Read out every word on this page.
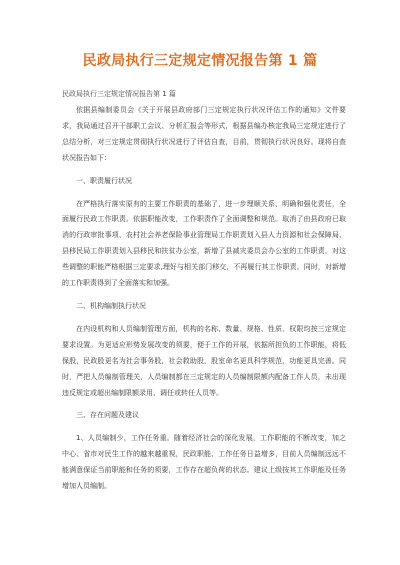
民政局执行三定规定情况报告第 1 篇
民政局执行三定规定情况报告第 1 篇

依据县编制委员会《关于开展县政府部门三定规定执行状况评估工作的通知》文件要求，我局通过召开干部职工会议、分析汇报会等形式，根据县编办核定我局三定规定进行了总结分析，对三定规定贯彻执行状况进行了评估自查，目前，贯彻执行状况良好。现将自查状况报告如下：

一、职责履行状况

在严格执行落实原有的主要工作职责的基础了，进一步理顺关系、明确和强化责任，全面履行民政工作职责。依据职能改变，工作职责作了全面调整和规范。取消了由县政府已取消的行政审批事项、农村社会养老保险事业管理局工作职责划入县人力资源和社会保障局、县移民局工作职责划入县移民和扶贫办公室，新增了县减灾委员会办公室的工作职责，对这些调整的职能严格根据三定要求,理好与相关部门移交，不再履行其工作职责。同时，对新增的工作职责得到了全面落实和加强。

二、机构编制执行状况

在内设机构和人员编制管理方面，机构的名称、数量、规格、性质、权限均按三定规定要求设置。为更适应形势发展改变的须要，便于工作的开展，依据所担负的工作职能，将低保股，民政股更名为社会事务股，社会救助股，股室命名更具科学规范，功能更具完善。同时，严把人员编制管理关，人员编制都在三定规定的人员编制限额内配备工作人员，未出现违反规定或超出编制限额录用、调任或转任人员等。

三、存在问题及建议

1、人员编制少，工作任务重。随着经济社会的深化发展，工作职能的不断改变，加之中心、省市对民生工作的越来越重视，民政职能、工作任务日益增多，目前人员编制远远不能满意保证当前职能和任务的须要，工作存在超负荷的状态。建议上级按其工作职能及任务增加人员编制。
